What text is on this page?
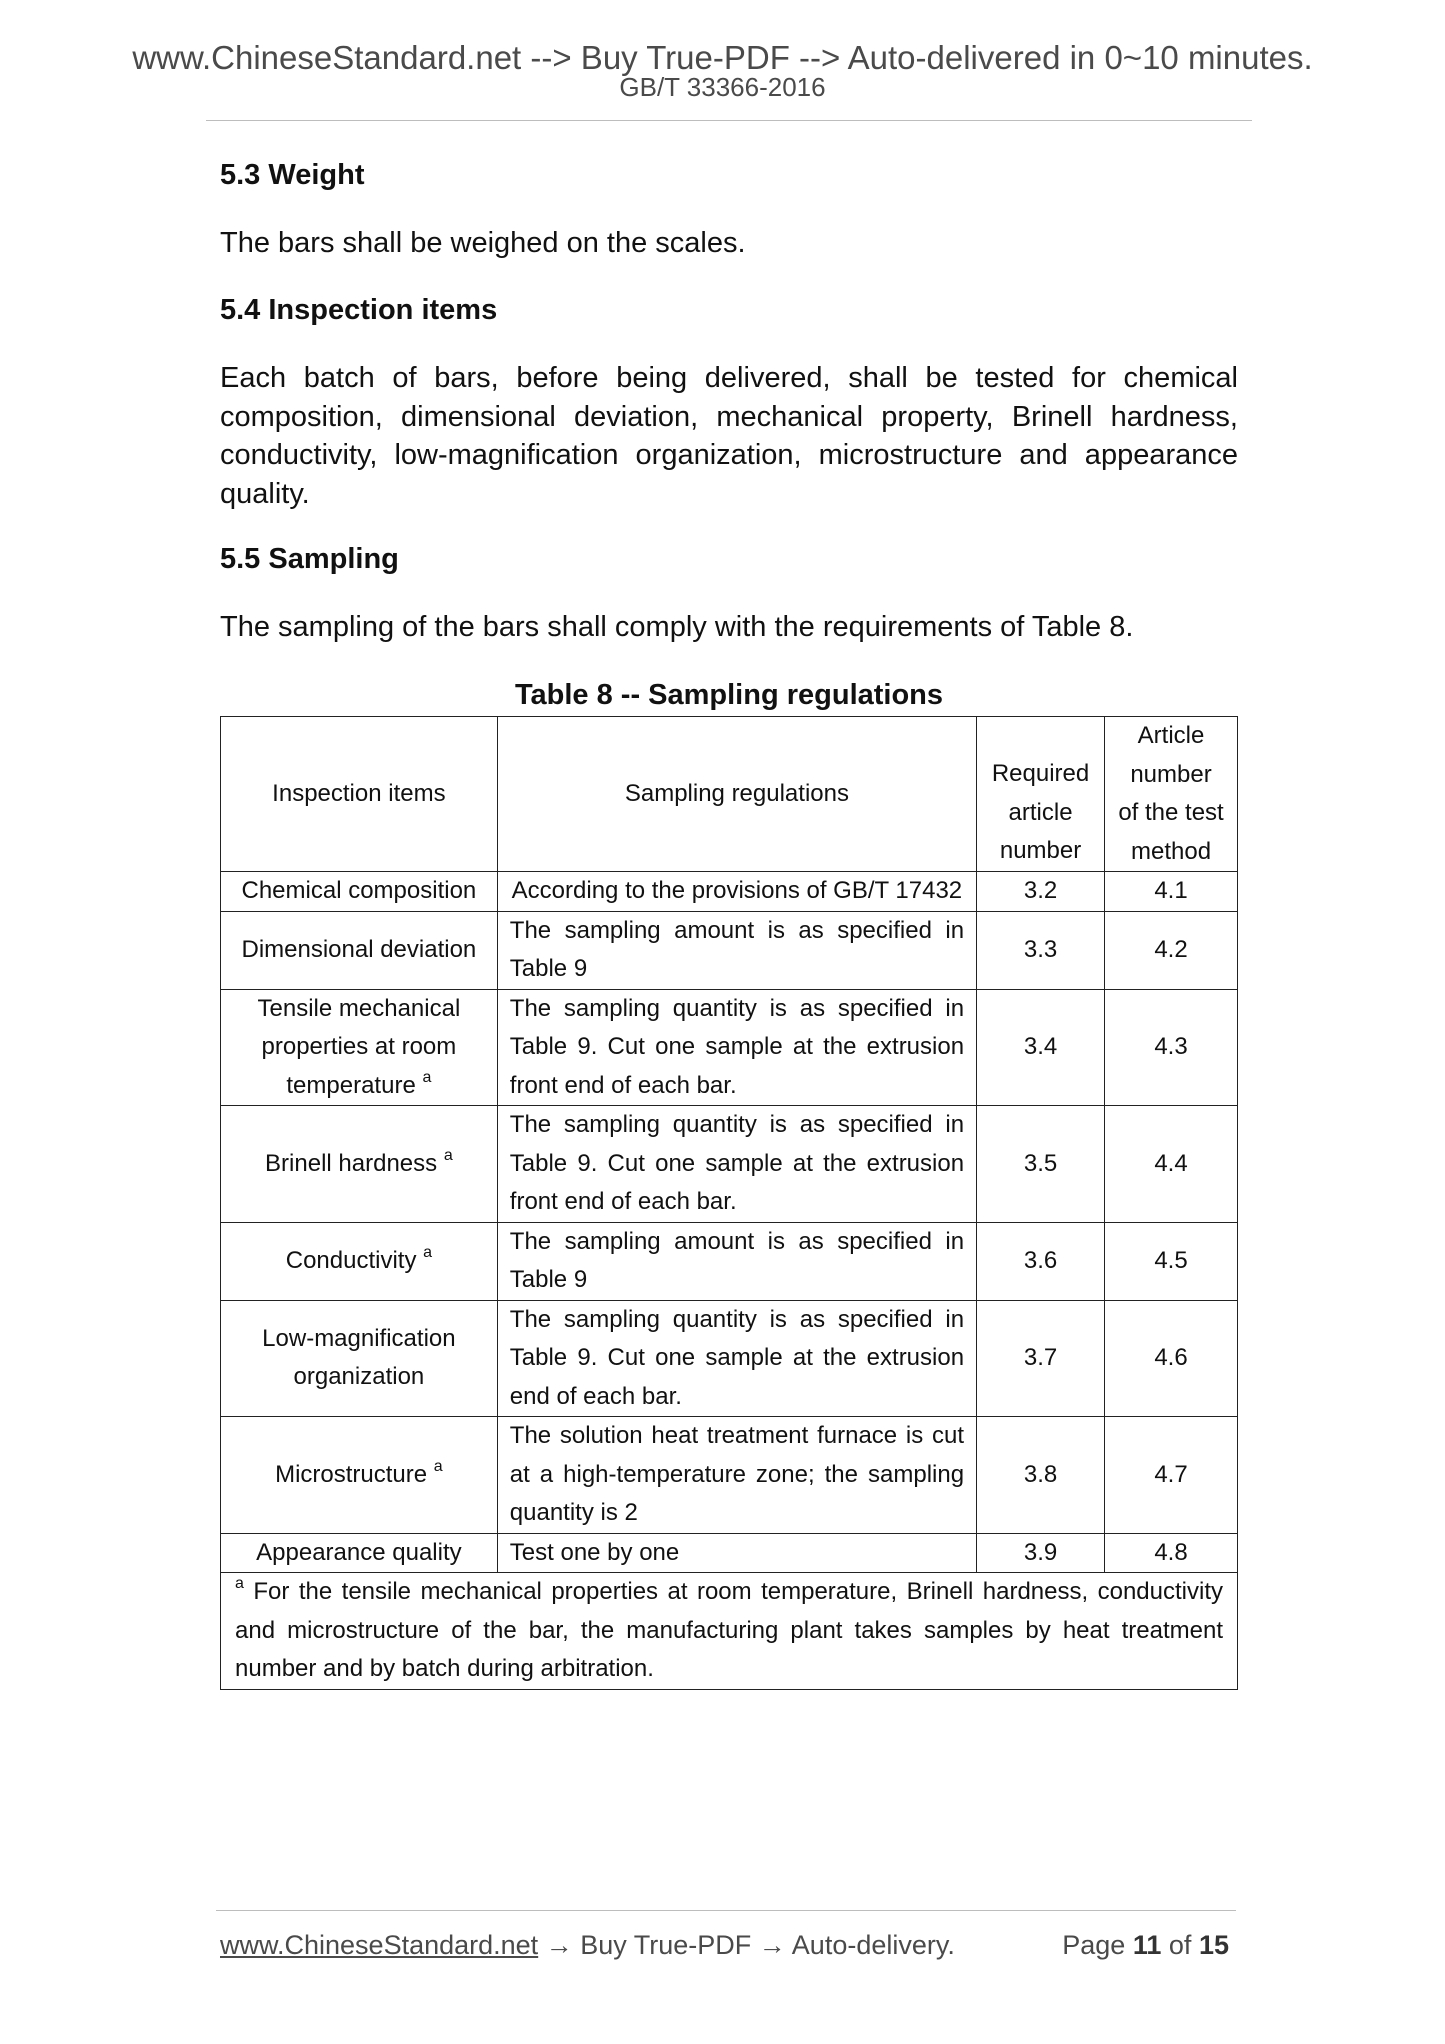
www.ChineseStandard.net --> Buy True-PDF --> Auto-delivered in 0~10 minutes.
GB/T 33366-2016
5.3 Weight
The bars shall be weighed on the scales.
5.4 Inspection items
Each batch of bars, before being delivered, shall be tested for chemical composition, dimensional deviation, mechanical property, Brinell hardness, conductivity, low-magnification organization, microstructure and appearance quality.
5.5 Sampling
The sampling of the bars shall comply with the requirements of Table 8.
Table 8 -- Sampling regulations
Inspection items	Sampling regulations	Required article number	Article number of the test method
Chemical composition	According to the provisions of GB/T 17432	3.2	4.1
Dimensional deviation	The sampling amount is as specified in Table 9	3.3	4.2
Tensile mechanical properties at room temperature $^a$	The sampling quantity is as specified in Table 9. Cut one sample at the extrusion front end of each bar.	3.4	4.3
Brinell hardness $^a$	The sampling quantity is as specified in Table 9. Cut one sample at the extrusion front end of each bar.	3.5	4.4
Conductivity $^a$	The sampling amount is as specified in Table 9	3.6	4.5
Low-magnification organization	The sampling quantity is as specified in Table 9. Cut one sample at the extrusion end of each bar.	3.7	4.6
Microstructure $^a$	The solution heat treatment furnace is cut at a high-temperature zone; the sampling quantity is 2	3.8	4.7
Appearance quality	Test one by one	3.9	4.8
$^a$ For the tensile mechanical properties at room temperature, Brinell hardness, conductivity and microstructure of the bar, the manufacturing plant takes samples by heat treatment number and by batch during arbitration.			
www.ChineseStandard.net → Buy True-PDF → Auto-delivery.	Page 11 of 15
